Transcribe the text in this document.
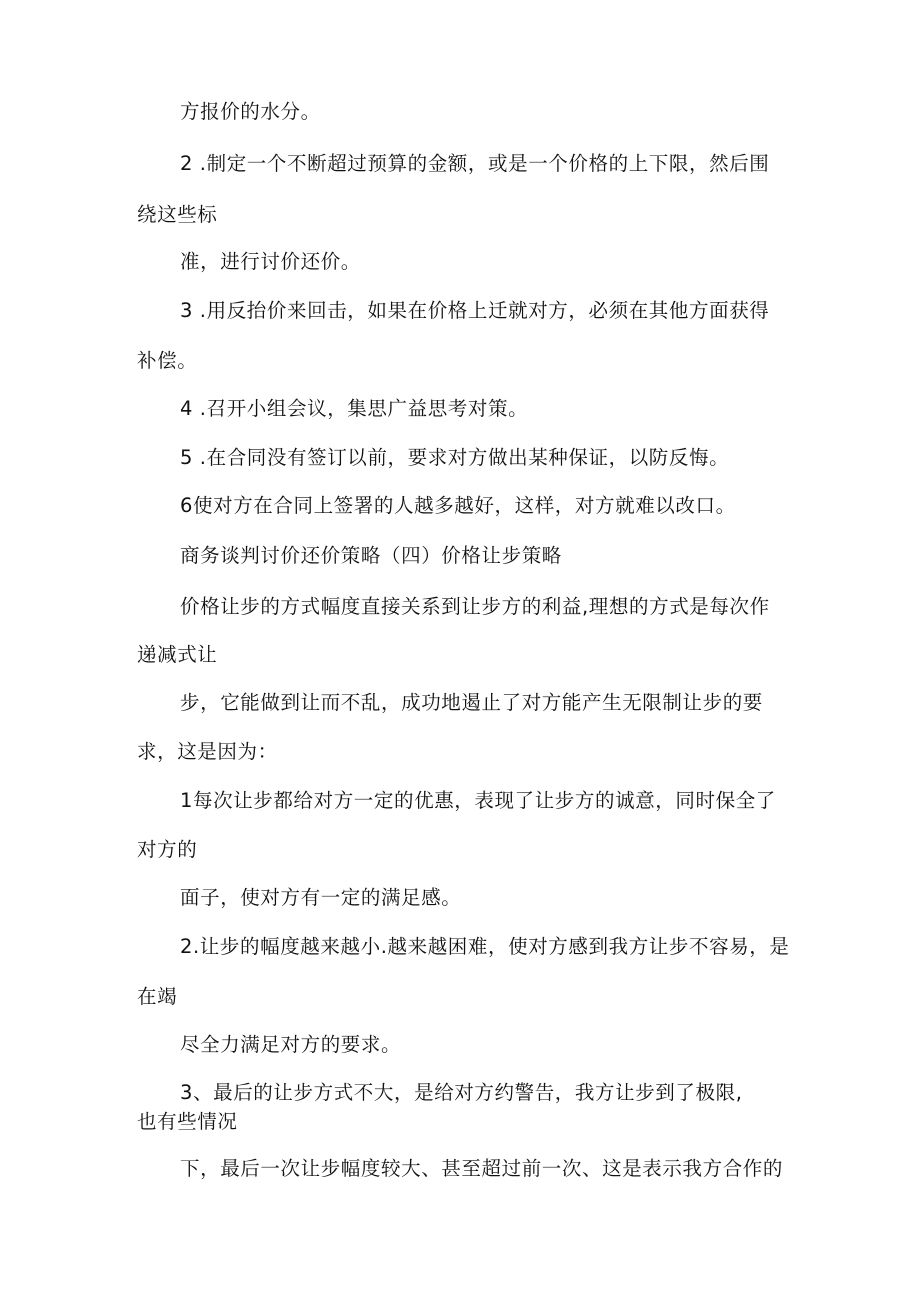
方报价的水分。

2 .制定一个不断超过预算的金额，或是一个价格的上下限，然后围

绕这些标

准，进行讨价还价。

3 .用反抬价来回击，如果在价格上迁就对方，必须在其他方面获得

补偿。

4 .召开小组会议，集思广益思考对策。

5 .在合同没有签订以前，要求对方做出某种保证，以防反悔。

6使对方在合同上签署的人越多越好，这样，对方就难以改口。

商务谈判讨价还价策略（四）价格让步策略

价格让步的方式幅度直接关系到让步方的利益,理想的方式是每次作

递减式让

步，它能做到让而不乱，成功地遏止了对方能产生无限制让步的要

求，这是因为：

1每次让步都给对方一定的优惠，表现了让步方的诚意，同时保全了

对方的

面子，使对方有一定的满足感。

2.让步的幅度越来越小.越来越困难，使对方感到我方让步不容易，是

在竭

尽全力满足对方的要求。

3、最后的让步方式不大，是给对方约警告，我方让步到了极限,

也有些情况

下，最后一次让步幅度较大、甚至超过前一次、这是表示我方合作的
